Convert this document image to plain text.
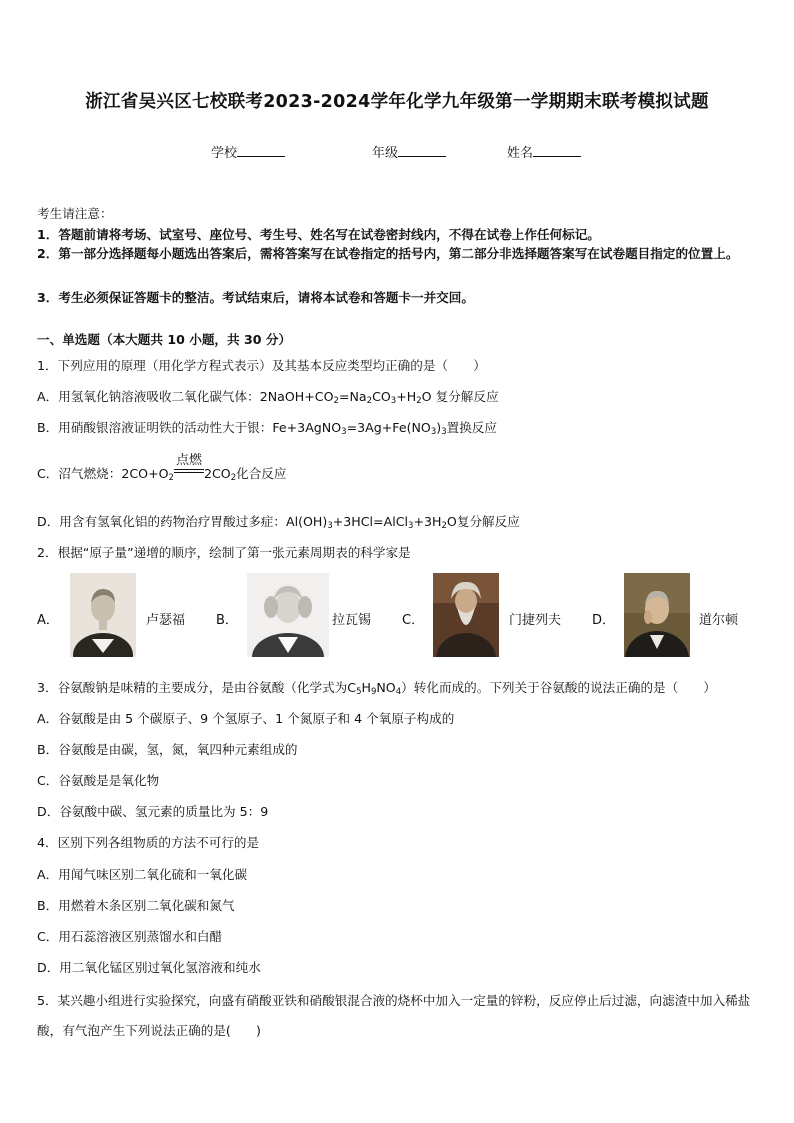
浙江省吴兴区七校联考2023-2024学年化学九年级第一学期期末联考模拟试题
学校	年级	姓名
考生请注意：
1．答题前请将考场、试室号、座位号、考生号、姓名写在试卷密封线内，不得在试卷上作任何标记。
2．第一部分选择题每小题选出答案后，需将答案写在试卷指定的括号内，第二部分非选择题答案写在试卷题目指定的位置上。
3．考生必须保证答题卡的整洁。考试结束后，请将本试卷和答题卡一并交回。
一、单选题（本大题共 10 小题，共 30 分）
1．下列应用的原理（用化学方程式表示）及其基本反应类型均正确的是（　　）
A．用氢氧化钠溶液吸收二氧化碳气体：$2NaOH+CO_2=Na_2CO_3+H_2O$ 复分解反应
B．用硝酸银溶液证明铁的活动性大于银：$Fe+3AgNO_3=3Ag+Fe(NO_3)_3$置换反应
C．沼气燃烧：$2CO+O_2$
点燃
$2CO_2$化合反应
D．用含有氢氧化铝的药物治疗胃酸过多症：$Al(OH)_3+3HCl=AlCl_3+3H_2O$复分解反应
2．根据“原子量”递增的顺序，绘制了第一张元素周期表的科学家是
A．	卢瑟福 B．	拉瓦锡 C．	门捷列夫 D．	道尔顿
3．谷氨酸钠是味精的主要成分，是由谷氨酸（化学式为$C_5H_9NO_4$）转化而成的。下列关于谷氨酸的说法正确的是（　　）
A．谷氨酸是由 5 个碳原子、9 个氢原子、1 个氮原子和 4 个氧原子构成的
B．谷氨酸是由碳，氢，氮，氧四种元素组成的
C．谷氨酸是是氧化物
D．谷氨酸中碳、氢元素的质量比为 5：9
4．区别下列各组物质的方法不可行的是
A．用闻气味区别二氧化硫和一氧化碳
B．用燃着木条区别二氧化碳和氮气
C．用石蕊溶液区别蒸馏水和白醋
D．用二氧化锰区别过氧化氢溶液和纯水
5．某兴趣小组进行实验探究，向盛有硝酸亚铁和硝酸银混合液的烧杯中加入一定量的锌粉，反应停止后过滤，向滤渣中加入稀盐酸，有气泡产生下列说法正确的是(　　)
